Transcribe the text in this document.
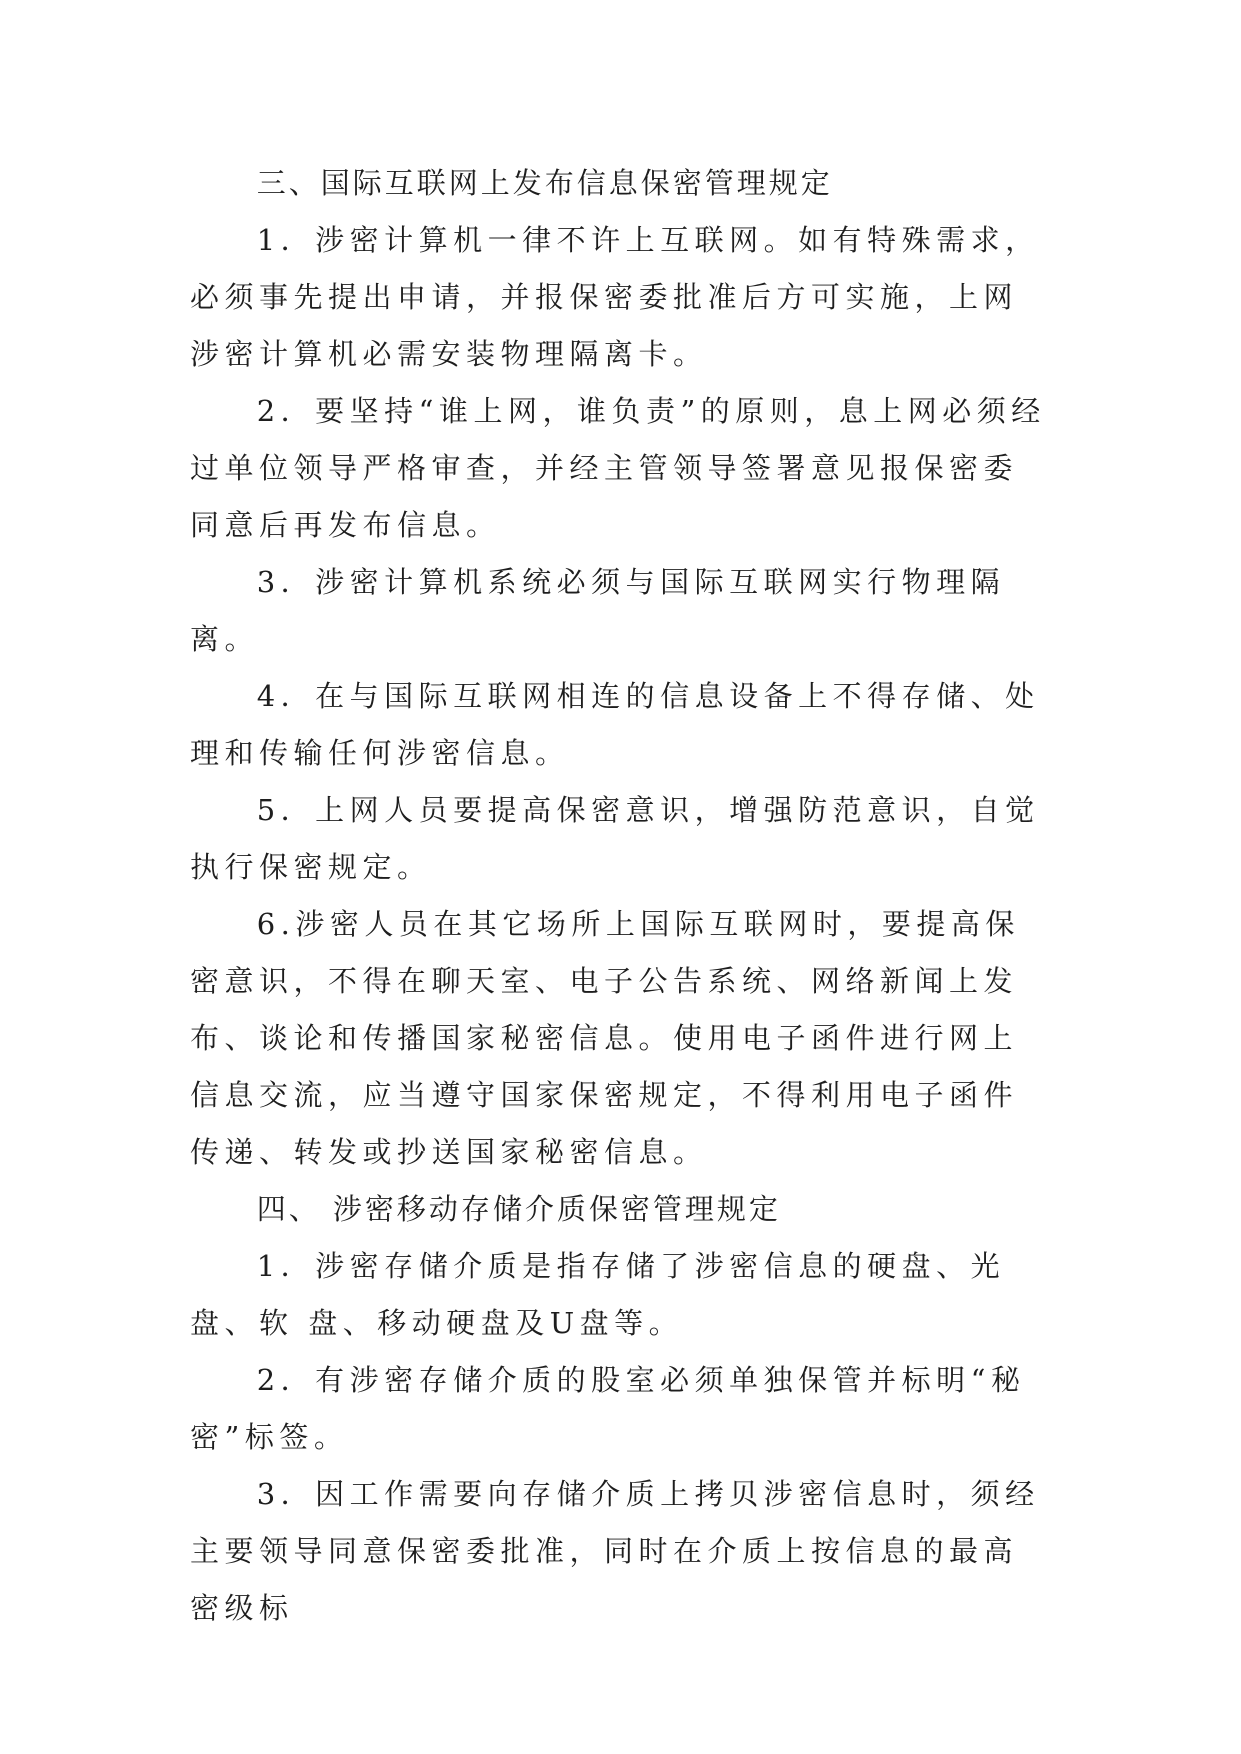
三、国际互联网上发布信息保密管理规定

1．涉密计算机一律不许上互联网。如有特殊需求，必须事先提出申请，并报保密委批准后方可实施，上网涉密计算机必需安装物理隔离卡。

2．要坚持“谁上网，谁负责”的原则，息上网必须经过单位领导严格审查，并经主管领导签署意见报保密委同意后再发布信息。

3．涉密计算机系统必须与国际互联网实行物理隔离。

4．在与国际互联网相连的信息设备上不得存储、处理和传输任何涉密信息。

5．上网人员要提高保密意识，增强防范意识，自觉执行保密规定。

6.涉密人员在其它场所上国际互联网时，要提高保密意识，不得在聊天室、电子公告系统、网络新闻上发布、谈论和传播国家秘密信息。使用电子函件进行网上信息交流，应当遵守国家保密规定，不得利用电子函件传递、转发或抄送国家秘密信息。

四、 涉密移动存储介质保密管理规定

1．涉密存储介质是指存储了涉密信息的硬盘、光盘、软 盘、移动硬盘及U盘等。

2．有涉密存储介质的股室必须单独保管并标明“秘密”标签。

3．因工作需要向存储介质上拷贝涉密信息时，须经主要领导同意保密委批准，同时在介质上按信息的最高密级标
